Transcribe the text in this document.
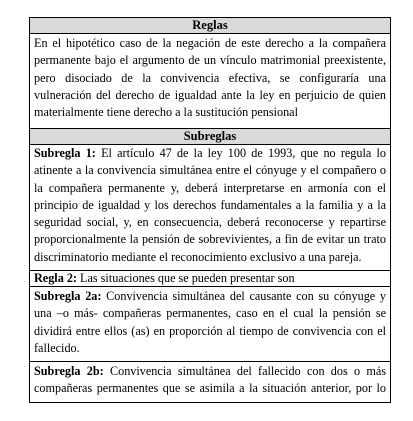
Reglas
En el hipotético caso de la negación de este derecho a la compañera
permanente bajo el argumento de un vínculo matrimonial preexistente,
pero disociado de la convivencia efectiva, se configuraría una
vulneración del derecho de igualdad ante la ley en perjuicio de quien
materialmente tiene derecho a la sustitución pensional
Subreglas
Subregla 1: El artículo 47 de la ley 100 de 1993, que no regula lo
atinente a la convivencia simultánea entre el cónyuge y el compañero o
la compañera permanente y, deberá interpretarse en armonía con el
principio de igualdad y los derechos fundamentales a la familia y a la
seguridad social, y, en consecuencia, deberá reconocerse y repartirse
proporcionalmente la pensión de sobrevivientes, a fin de evitar un trato
discriminatorio mediante el reconocimiento exclusivo a una pareja.
Regla 2: Las situaciones que se pueden presentar son
Subregla 2a: Convivencia simultánea del causante con su cónyuge y
una –o más- compañeras permanentes, caso en el cual la pensión se
dividirá entre ellos (as) en proporción al tiempo de convivencia con el
fallecido.
Subregla 2b: Convivencia simultánea del fallecido con dos o más
compañeras permanentes que se asimila a la situación anterior, por lo
